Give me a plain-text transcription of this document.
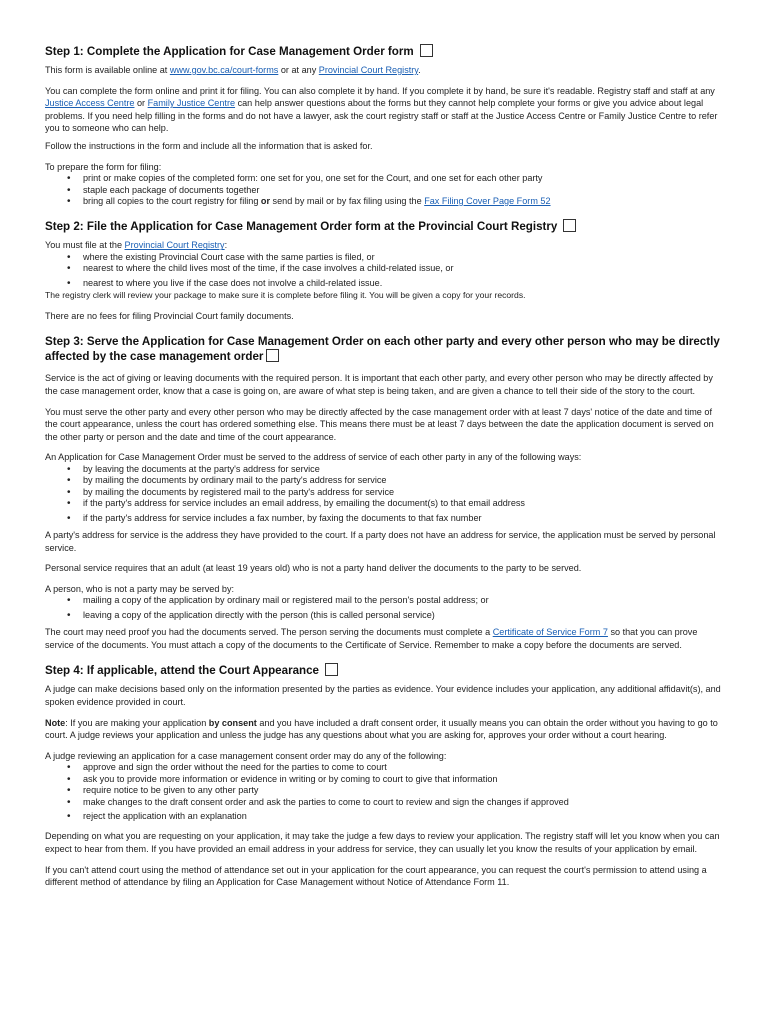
Step 1: Complete the Application for Case Management Order form

This form is available online at www.gov.bc.ca/court-forms or at any Provincial Court Registry.

You can complete the form online and print it for filing. You can also complete it by hand. If you complete it by hand, be sure it's readable. Registry staff and staff at any Justice Access Centre or Family Justice Centre can help answer questions about the forms but they cannot help complete your forms or give you advice about legal problems. If you need help filling in the forms and do not have a lawyer, ask the court registry staff or staff at the Justice Access Centre or Family Justice Centre to refer you to someone who can help.

Follow the instructions in the form and include all the information that is asked for.

To prepare the form for filing:

• print or make copies of the completed form: one set for you, one set for the Court, and one set for each other party
• staple each package of documents together
• bring all copies to the court registry for filing or send by mail or by fax filing using the Fax Filing Cover Page Form 52

Step 2: File the Application for Case Management Order form at the Provincial Court Registry

You must file at the Provincial Court Registry:

• where the existing Provincial Court case with the same parties is filed, or
• nearest to where the child lives most of the time, if the case involves a child-related issue, or
• nearest to where you live if the case does not involve a child-related issue.

The registry clerk will review your package to make sure it is complete before filing it. You will be given a copy for your records.

There are no fees for filing Provincial Court family documents.

Step 3: Serve the Application for Case Management Order on each other party and every other person who may be directly
affected by the case management order

Service is the act of giving or leaving documents with the required person. It is important that each other party, and every other person who may be directly affected by the case management order, know that a case is going on, are aware of what step is being taken, and are given a chance to tell their side of the story to the court.

You must serve the other party and every other person who may be directly affected by the case management order with at least 7 days' notice of the date and time of the court appearance, unless the court has ordered something else. This means there must be at least 7 days between the date the application document is served on the other party or person and the date and time of the court appearance.

An Application for Case Management Order must be served to the address of service of each other party in any of the following ways:

• by leaving the documents at the party's address for service
• by mailing the documents by ordinary mail to the party's address for service
• by mailing the documents by registered mail to the party's address for service
• if the party's address for service includes an email address, by emailing the document(s) to that email address
• if the party's address for service includes a fax number, by faxing the documents to that fax number

A party's address for service is the address they have provided to the court. If a party does not have an address for service, the application must be served by personal service.

Personal service requires that an adult (at least 19 years old) who is not a party hand deliver the documents to the party to be served.

A person, who is not a party may be served by:

• mailing a copy of the application by ordinary mail or registered mail to the person's postal address; or
• leaving a copy of the application directly with the person (this is called personal service)

The court may need proof you had the documents served. The person serving the documents must complete a Certificate of Service Form 7 so that you can prove service of the documents. You must attach a copy of the documents to the Certificate of Service. Remember to make a copy before the documents are served.

Step 4: If applicable, attend the Court Appearance

A judge can make decisions based only on the information presented by the parties as evidence. Your evidence includes your application, any additional affidavit(s), and spoken evidence provided in court.

Note: If you are making your application by consent and you have included a draft consent order, it usually means you can obtain the order without you having to go to court. A judge reviews your application and unless the judge has any questions about what you are asking for, approves your order without a court hearing.

A judge reviewing an application for a case management consent order may do any of the following:

• approve and sign the order without the need for the parties to come to court
• ask you to provide more information or evidence in writing or by coming to court to give that information
• require notice to be given to any other party
• make changes to the draft consent order and ask the parties to come to court to review and sign the changes if approved
• reject the application with an explanation

Depending on what you are requesting on your application, it may take the judge a few days to review your application. The registry staff will let you know when you can expect to hear from them. If you have provided an email address in your address for service, they can usually let you know the results of your application by email.

If you can't attend court using the method of attendance set out in your application for the court appearance, you can request the court's permission to attend using a different method of attendance by filing an Application for Case Management without Notice of Attendance Form 11.
